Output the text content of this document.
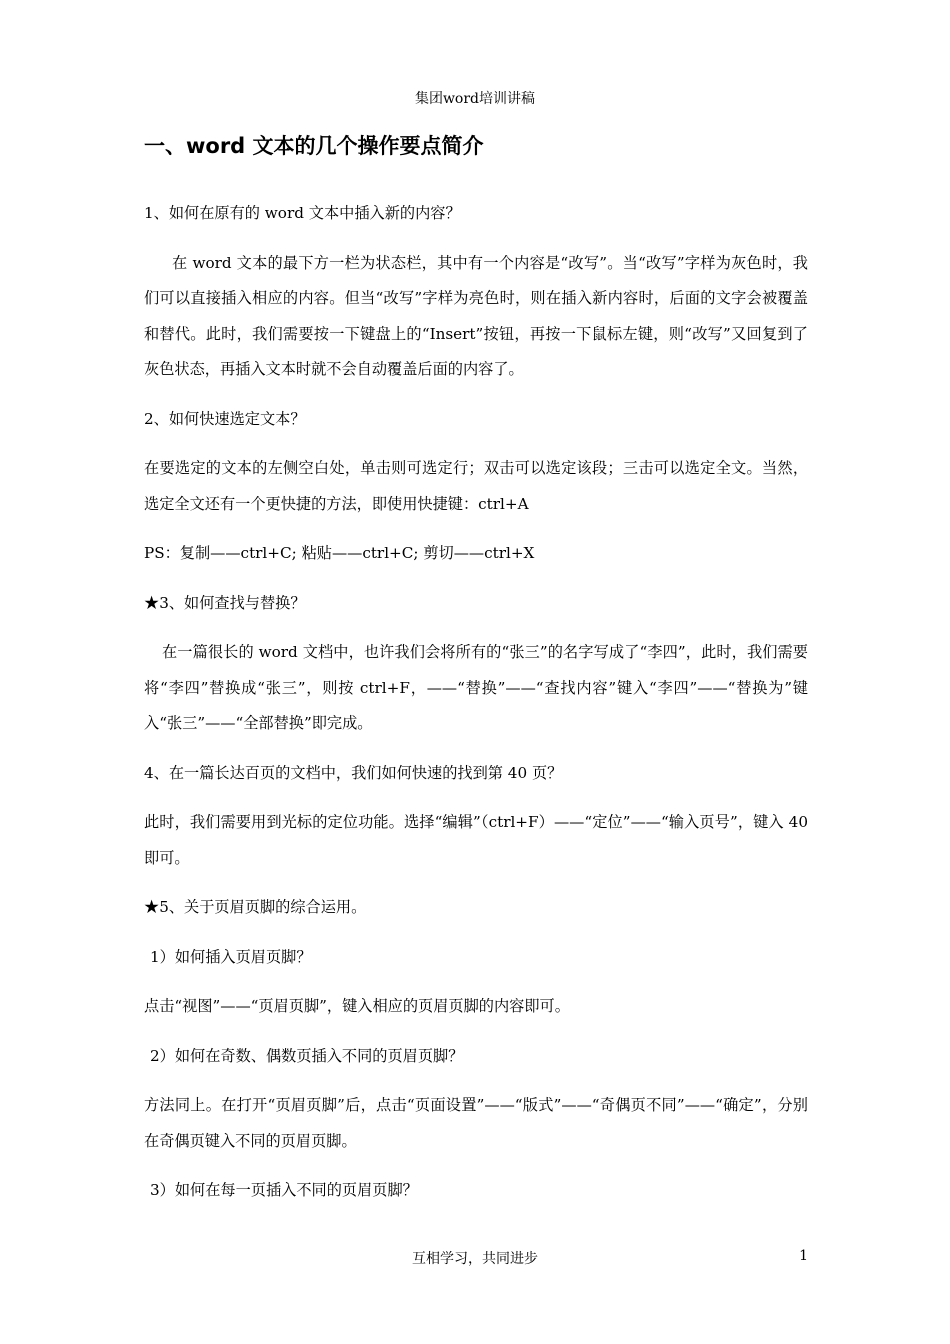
集团word培训讲稿
一、word 文本的几个操作要点简介

1、如何在原有的 word 文本中插入新的内容？

在 word 文本的最下方一栏为状态栏，其中有一个内容是“改写”。当“改写”字样为灰色时，我们可以直接插入相应的内容。但当“改写”字样为亮色时，则在插入新内容时，后面的文字会被覆盖和替代。此时，我们需要按一下键盘上的“Insert”按钮，再按一下鼠标左键，则“改写”又回复到了灰色状态，再插入文本时就不会自动覆盖后面的内容了。

2、如何快速选定文本？

在要选定的文本的左侧空白处，单击则可选定行；双击可以选定该段；三击可以选定全文。当然，选定全文还有一个更快捷的方法，即使用快捷键：ctrl+A

PS：复制——ctrl+C; 粘贴——ctrl+C; 剪切——ctrl+X

★3、如何查找与替换？

在一篇很长的 word 文档中，也许我们会将所有的“张三”的名字写成了“李四”，此时，我们需要将“李四”替换成“张三”，则按 ctrl+F，——“替换”——“查找内容”键入“李四”——“替换为”键入“张三”——“全部替换”即完成。

4、在一篇长达百页的文档中，我们如何快速的找到第 40 页？

此时，我们需要用到光标的定位功能。选择“编辑”（ctrl+F）——“定位”——“输入页号”，键入 40 即可。

★5、关于页眉页脚的综合运用。

1）如何插入页眉页脚？

点击“视图”——“页眉页脚”，键入相应的页眉页脚的内容即可。

2）如何在奇数、偶数页插入不同的页眉页脚？

方法同上。在打开“页眉页脚”后，点击“页面设置”——“版式”——“奇偶页不同”——“确定”，分别在奇偶页键入不同的页眉页脚。

3）如何在每一页插入不同的页眉页脚？

互相学习，共同进步	1
